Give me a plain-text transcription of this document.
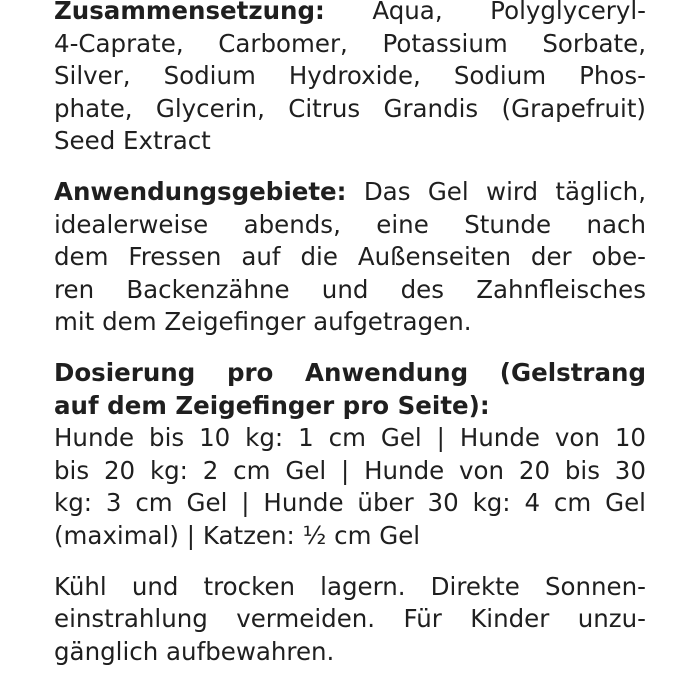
Zusammensetzung: Aqua, Polyglyceryl-
4-Caprate, Carbomer, Potassium Sorbate,
Silver, Sodium Hydroxide, Sodium Phos-
phate, Glycerin, Citrus Grandis (Grapefruit)
Seed Extract
Anwendungsgebiete: Das Gel wird täglich,
idealerweise abends, eine Stunde nach
dem Fressen auf die Außenseiten der obe-
ren Backenzähne und des Zahnfleisches
mit dem Zeigefinger aufgetragen.
Dosierung pro Anwendung (Gelstrang
auf dem Zeigefinger pro Seite):
Hunde bis 10 kg: 1 cm Gel | Hunde von 10
bis 20 kg: 2 cm Gel | Hunde von 20 bis 30
kg: 3 cm Gel | Hunde über 30 kg: 4 cm Gel
(maximal) | Katzen: ½ cm Gel
Kühl und trocken lagern. Direkte Sonnen-
einstrahlung vermeiden. Für Kinder unzu-
gänglich aufbewahren.
